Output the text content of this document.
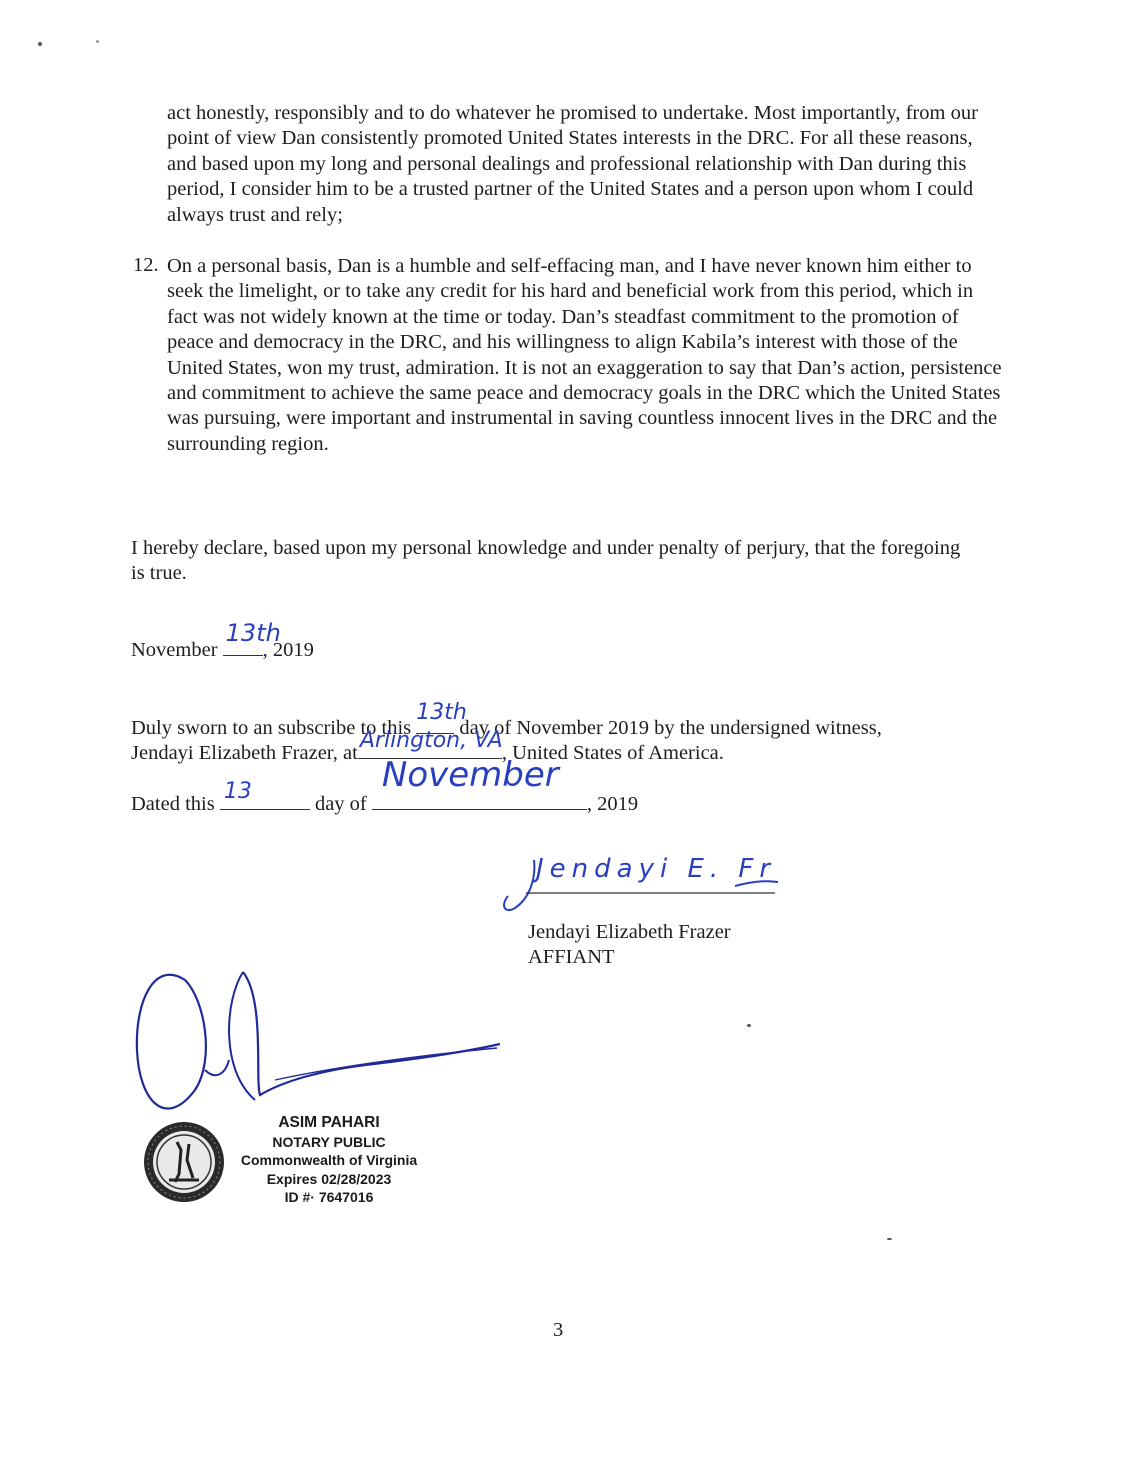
act honestly, responsibly and to do whatever he promised to undertake. Most importantly, from our point of view Dan consistently promoted United States interests in the DRC. For all these reasons, and based upon my long and personal dealings and professional relationship with Dan during this period, I consider him to be a trusted partner of the United States and a person upon whom I could always trust and rely;
12. On a personal basis, Dan is a humble and self-effacing man, and I have never known him either to seek the limelight, or to take any credit for his hard and beneficial work from this period, which in fact was not widely known at the time or today. Dan’s steadfast commitment to the promotion of peace and democracy in the DRC, and his willingness to align Kabila’s interest with those of the United States, won my trust, admiration. It is not an exaggeration to say that Dan’s action, persistence and commitment to achieve the same peace and democracy goals in the DRC which the United States was pursuing, were important and instrumental in saving countless innocent lives in the DRC and the surrounding region.
I hereby declare, based upon my personal knowledge and under penalty of perjury, that the foregoing is true.
November
13th
, 2019
Duly sworn to an subscribe to this
13th
day of November 2019 by the undersigned witness,
Jendayi Elizabeth Frazer, at Arlington, VA , United States of America.
Dated this 13	day of
November
, 2019
Jendayi E. Fr
Jendayi Elizabeth Frazer
AFFIANT
ASIM PAHARI
NOTARY PUBLIC
Commonwealth of Virginia
Expires 02/28/2023
ID #· 7647016
3
